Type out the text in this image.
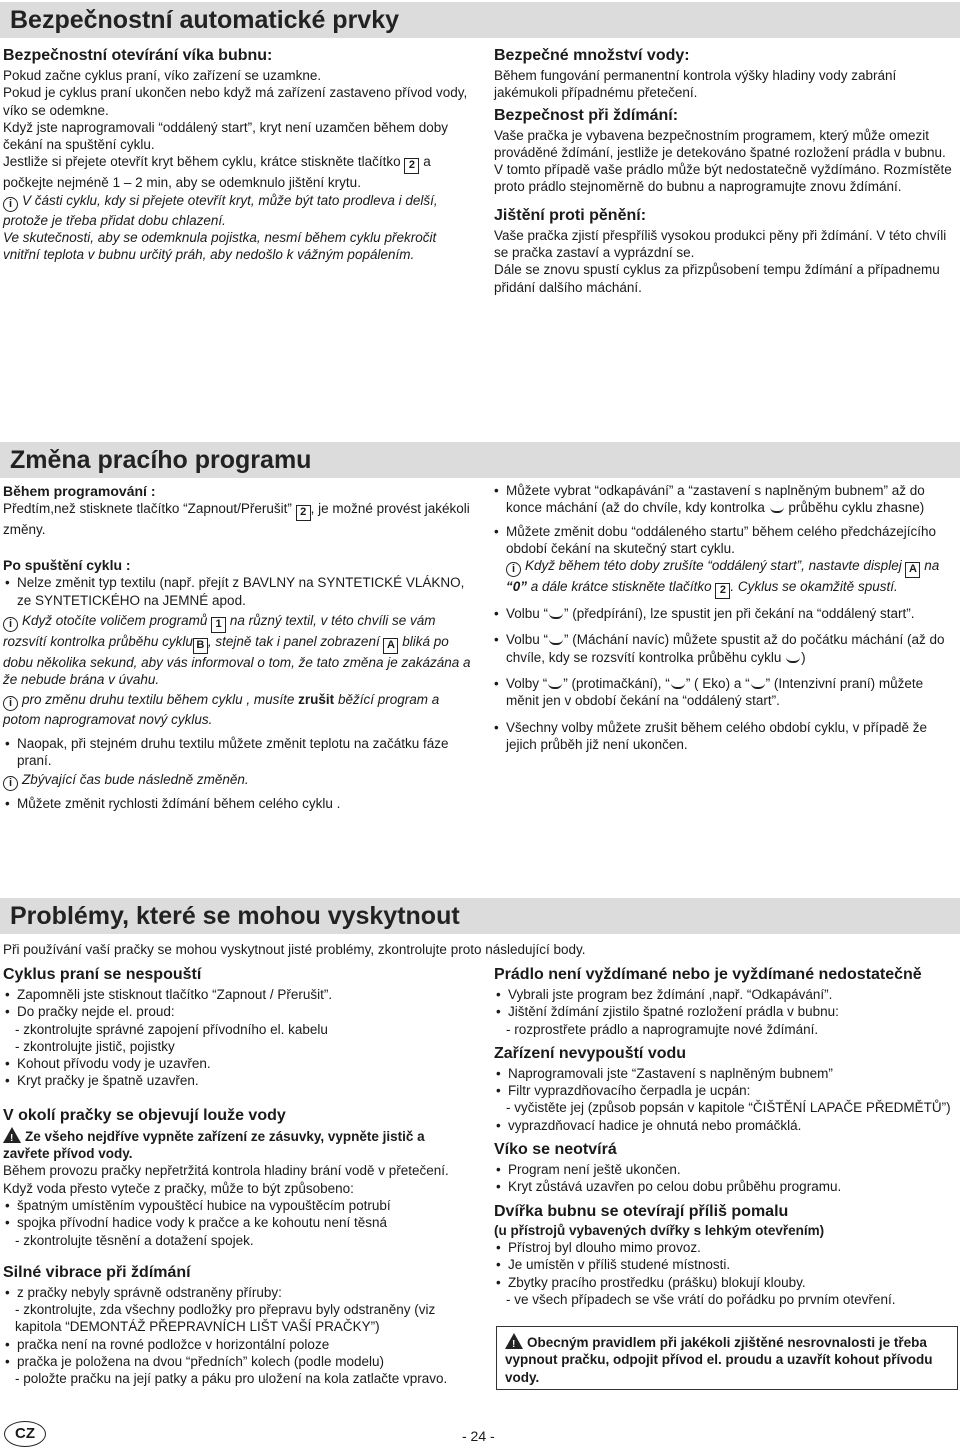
Bezpečnostní automatické prvky
Bezpečnostní otevírání víka bubnu:

Pokud začne cyklus praní, víko zařízení se uzamkne.

Pokud je cyklus praní ukončen nebo když má zařízení zastaveno přívod vody, víko se odemkne.

Když jste naprogramovali “oddálený start”, kryt není uzamčen během doby čekání na spuštění cyklu.

Jestliže si přejete otevřít kryt během cyklu, krátce stiskněte tlačítko 2 a počkejte nejméně 1 – 2 min, aby se odemknulo jištění krytu.

i V části cyklu, kdy si přejete otevřít kryt, může být tato prodleva i delší, protože je třeba přidat dobu chlazení.

Ve skutečnosti, aby se odemknula pojistka, nesmí během cyklu překročit vnitřní teplota v bubnu určitý práh, aby nedošlo k vážným popálením.

Bezpečné množství vody:

Během fungování permanentní kontrola výšky hladiny vody zabrání jakémukoli případnému přetečení.

Bezpečnost při ždímání:

Vaše pračka je vybavena bezpečnostním programem, který může omezit prováděné ždímání, jestliže je detekováno špatné rozložení prádla v bubnu.

V tomto případě vaše prádlo může být nedostatečně vyždímáno. Rozmístěte proto prádlo stejnoměrně do bubnu a naprogramujte znovu ždímání.

Jištění proti pěnění:

Vaše pračka zjistí přespříliš vysokou produkci pěny při ždímání. V této chvíli se pračka zastaví a vyprázdní se.

Dále se znovu spustí cyklus za přizpůsobení tempu ždímání a případnemu přidání dalšího máchání.

Změna pracího programu
Během programování :

Předtím,než stisknete tlačítko “Zapnout/Přerušit” 2 , je možné provést jakékoli změny.

Po spuštění cyklu :
• Nelze změnit typ textilu (např. přejít z BAVLNY na SYNTETICKÉ VLÁKNO, ze SYNTETICKÉHO na JEMNÉ apod.

i Když otočíte voličem programů 1 na různý textil, v této chvíli se vám rozsvítí kontrolka průběhu cyklu B , stejně tak i panel zobrazení A bliká po dobu několika sekund, aby vás informoval o tom, že tato změna je zakázána a že nebude brána v úvahu.

i pro změnu druhu textilu během cyklu , musíte zrušit běžící program a potom naprogramovat nový cyklus.

• Naopak, při stejném druhu textilu můžete změnit teplotu na začátku fáze praní.

i Zbývající čas bude následně změněn.

• Můžete změnit rychlosti ždímání během celého cyklu .
• Můžete vybrat “odkapávání” a “zastavení s naplněným bubnem” až do konce máchání (až do chvíle, kdy kontrolka průběhu cyklu zhasne)
• Můžete změnit dobu “oddáleného startu” během celého předcházejícího období čekání na skutečný start cyklu.

i Když během této doby zrušíte “oddálený start”, nastavte displej A na “0” a dále krátce stiskněte tlačítko 2 . Cyklus se okamžitě spustí.

• Volbu “ ” (předpírání), lze spustit jen při čekání na “oddálený start”.
• Volbu “ ” (Máchání navíc) můžete spustit až do počátku máchání (až do chvíle, kdy se rozsvítí kontrolka průběhu cyklu )
• Volby “ ” (protimačkání), “ ” ( Eko) a “ ” (Intenzivní praní) můžete měnit jen v období čekání na “oddálený start”.
• Všechny volby můžete zrušit během celého období cyklu, v případě že jejich průběh již není ukončen.
Problémy, které se mohou vyskytnout

Při používání vaší pračky se mohou vyskytnout jisté problémy, zkontrolujte proto následující body.

Cyklus praní se nespouští
• Zapomněli jste stisknout tlačítko “Zapnout / Přerušit”.
• Do pračky nejde el. proud:

- zkontrolujte správné zapojení přívodního el. kabelu

- zkontrolujte jistič, pojistky

• Kohout přívodu vody je uzavřen.
• Kryt pračky je špatně uzavřen.
V okolí pračky se objevují louže vody

!Ze všeho nejdříve vypněte zařízení ze zásuvky, vypněte jistič a zavřete přívod vody.

Během provozu pračky nepřetržitá kontrola hladiny brání vodě v přetečení. Když voda přesto vyteče z pračky, může to být způsobeno:

• špatným umístěním vypouštěcí hubice na vypouštěcím potrubí
• spojka přívodní hadice vody k pračce a ke kohoutu není těsná

- zkontrolujte těsnění a dotažení spojek.

Silné vibrace při ždímání
• z pračky nebyly správně odstraněny příruby:

- zkontrolujte, zda všechny podložky pro přepravu byly odstraněny (viz kapitola “DEMONTÁŽ PŘEPRAVNÍCH LIŠT VAŠÍ PRAČKY”)

• pračka není na rovné podložce v horizontální poloze
• pračka je položena na dvou “předních” kolech (podle modelu)

- položte pračku na její patky a páku pro uložení na kola zatlačte vpravo.

Prádlo není vyždímané nebo je vyždímané nedostatečně
• Vybrali jste program bez ždímání ,např. “Odkapávání”.
• Jištění ždímání zjistilo špatné rozložení prádla v bubnu:

- rozprostřete prádlo a naprogramujte nové ždímání.

Zařízení nevypouští vodu
• Naprogramovali jste “Zastavení s naplněným bubnem”
• Filtr vyprazdňovacího čerpadla je ucpán:

- vyčistěte jej (způsob popsán v kapitole “ČIŠTĚNÍ LAPAČE PŘEDMĚTŮ”)

• vyprazdňovací hadice je ohnutá nebo promáčklá.
Víko se neotvírá
• Program není ještě ukončen.
• Kryt zůstává uzavřen po celou dobu průběhu programu.
Dvířka bubnu se otevírají příliš pomalu

(u přístrojů vybavených dvířky s lehkým otevřením)

• Přístroj byl dlouho mimo provoz.
• Je umístěn v příliš studené místnosti.
• Zbytky pracího prostředku (prášku) blokují klouby.

- ve všech případech se vše vrátí do pořádku po prvním otevření.

!Obecným pravidlem při jakékoli zjištěné nesrovnalosti je třeba vypnout pračku, odpojit přívod el. proudu a uzavřít kohout přívodu vody.
CZ	- 24 -
